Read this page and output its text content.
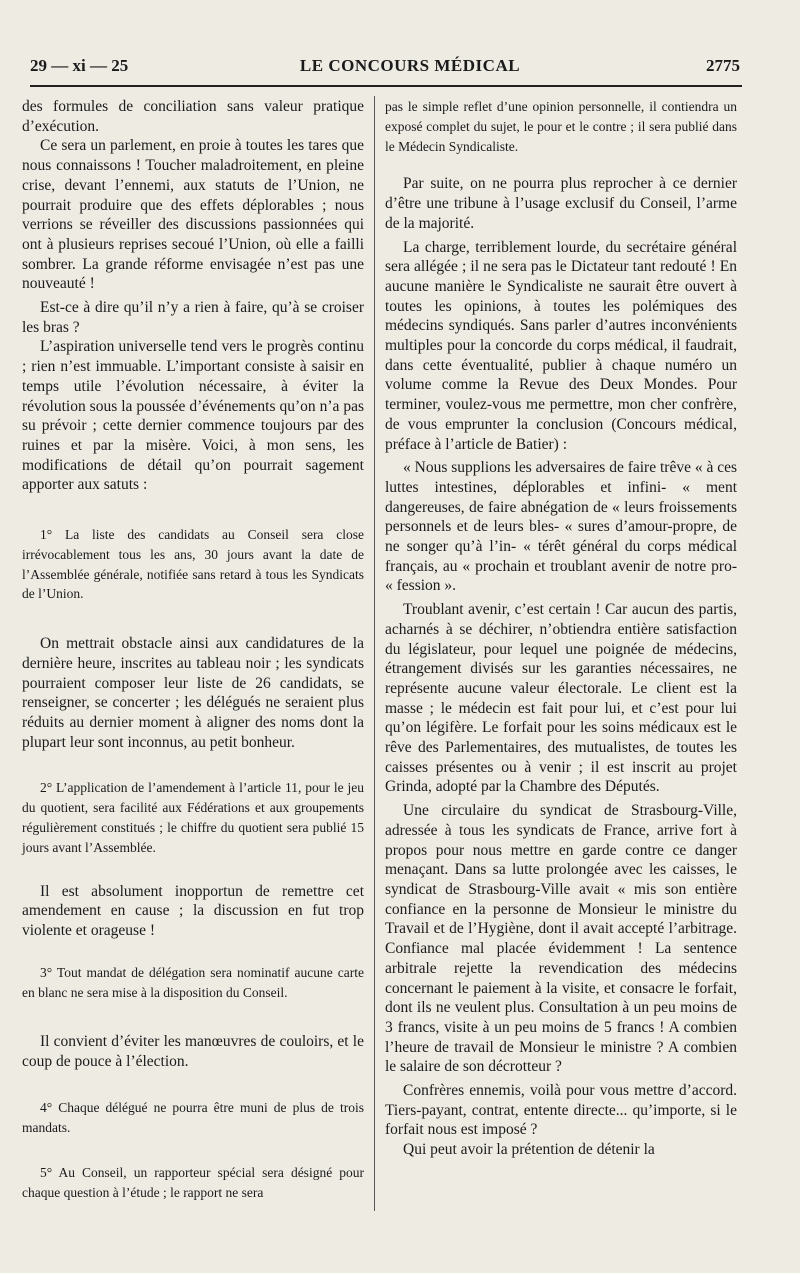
29 — xi — 25	LE CONCOURS MÉDICAL	2775

des formules de conciliation sans valeur pratique d’exécution.

Ce sera un parlement, en proie à toutes les tares que nous connaissons ! Toucher maladroitement, en pleine crise, devant l’ennemi, aux statuts de l’Union, ne pourrait produire que des effets déplorables ; nous verrions se réveiller des discussions passionnées qui ont à plusieurs reprises secoué l’Union, où elle a failli sombrer. La grande réforme envisagée n’est pas une nouveauté !

Est-ce à dire qu’il n’y a rien à faire, qu’à se croiser les bras ?

L’aspiration universelle tend vers le progrès continu ; rien n’est immuable. L’important consiste à saisir en temps utile l’évolution nécessaire, à éviter la révolution sous la poussée d’événements qu’on n’a pas su prévoir ; cette dernier commence toujours par des ruines et par la misère. Voici, à mon sens, les modifications de détail qu’on pourrait sagement apporter aux satuts :

1° La liste des candidats au Conseil sera close irrévocablement tous les ans, 30 jours avant la date de l’Assemblée générale, notifiée sans retard à tous les Syndicats de l’Union.

On mettrait obstacle ainsi aux candidatures de la dernière heure, inscrites au tableau noir ; les syndicats pourraient composer leur liste de 26 candidats, se renseigner, se concerter ; les délégués ne seraient plus réduits au dernier moment à aligner des noms dont la plupart leur sont inconnus, au petit bonheur.

2° L’application de l’amendement à l’article 11, pour le jeu du quotient, sera facilité aux Fédérations et aux groupements régulièrement constitués ; le chiffre du quotient sera publié 15 jours avant l’Assemblée.

Il est absolument inopportun de remettre cet amendement en cause ; la discussion en fut trop violente et orageuse !

3° Tout mandat de délégation sera nominatif aucune carte en blanc ne sera mise à la disposition du Conseil.

Il convient d’éviter les manœuvres de couloirs, et le coup de pouce à l’élection.

4° Chaque délégué ne pourra être muni de plus de trois mandats.

5° Au Conseil, un rapporteur spécial sera désigné pour chaque question à l’étude ; le rapport ne sera

pas le simple reflet d’une opinion personnelle, il contiendra un exposé complet du sujet, le pour et le contre ; il sera publié dans le Médecin Syndicaliste.

Par suite, on ne pourra plus reprocher à ce dernier d’être une tribune à l’usage exclusif du Conseil, l’arme de la majorité.

La charge, terriblement lourde, du secrétaire général sera allégée ; il ne sera pas le Dictateur tant redouté ! En aucune manière le Syndicaliste ne saurait être ouvert à toutes les opinions, à toutes les polémiques des médecins syndiqués. Sans parler d’autres inconvénients multiples pour la concorde du corps médical, il faudrait, dans cette éventualité, publier à chaque numéro un volume comme la Revue des Deux Mondes. Pour terminer, voulez-vous me permettre, mon cher confrère, de vous emprunter la conclusion (Concours médical, préface à l’article de Batier) :

« Nous supplions les adversaires de faire trêve « à ces luttes intestines, déplorables et infini- « ment dangereuses, de faire abnégation de « leurs froissements personnels et de leurs bles- « sures d’amour-propre, de ne songer qu’à l’in- « térêt général du corps médical français, au « prochain et troublant avenir de notre pro- « fession ».

Troublant avenir, c’est certain ! Car aucun des partis, acharnés à se déchirer, n’obtiendra entière satisfaction du législateur, pour lequel une poignée de médecins, étrangement divisés sur les garanties nécessaires, ne représente aucune valeur électorale. Le client est la masse ; le médecin est fait pour lui, et c’est pour lui qu’on légifère. Le forfait pour les soins médicaux est le rêve des Parlementaires, des mutualistes, de toutes les caisses présentes ou à venir ; il est inscrit au projet Grinda, adopté par la Chambre des Députés.

Une circulaire du syndicat de Strasbourg-Ville, adressée à tous les syndicats de France, arrive fort à propos pour nous mettre en garde contre ce danger menaçant. Dans sa lutte prolongée avec les caisses, le syndicat de Strasbourg-Ville avait « mis son entière confiance en la personne de Monsieur le ministre du Travail et de l’Hygiène, dont il avait accepté l’arbitrage. Confiance mal placée évidemment ! La sentence arbitrale rejette la revendication des médecins concernant le paiement à la visite, et consacre le forfait, dont ils ne veulent plus. Consultation à un peu moins de 3 francs, visite à un peu moins de 5 francs ! A combien l’heure de travail de Monsieur le ministre ? A combien le salaire de son décrotteur ?

Confrères ennemis, voilà pour vous mettre d’accord. Tiers-payant, contrat, entente directe... qu’importe, si le forfait nous est imposé ?

Qui peut avoir la prétention de détenir la
